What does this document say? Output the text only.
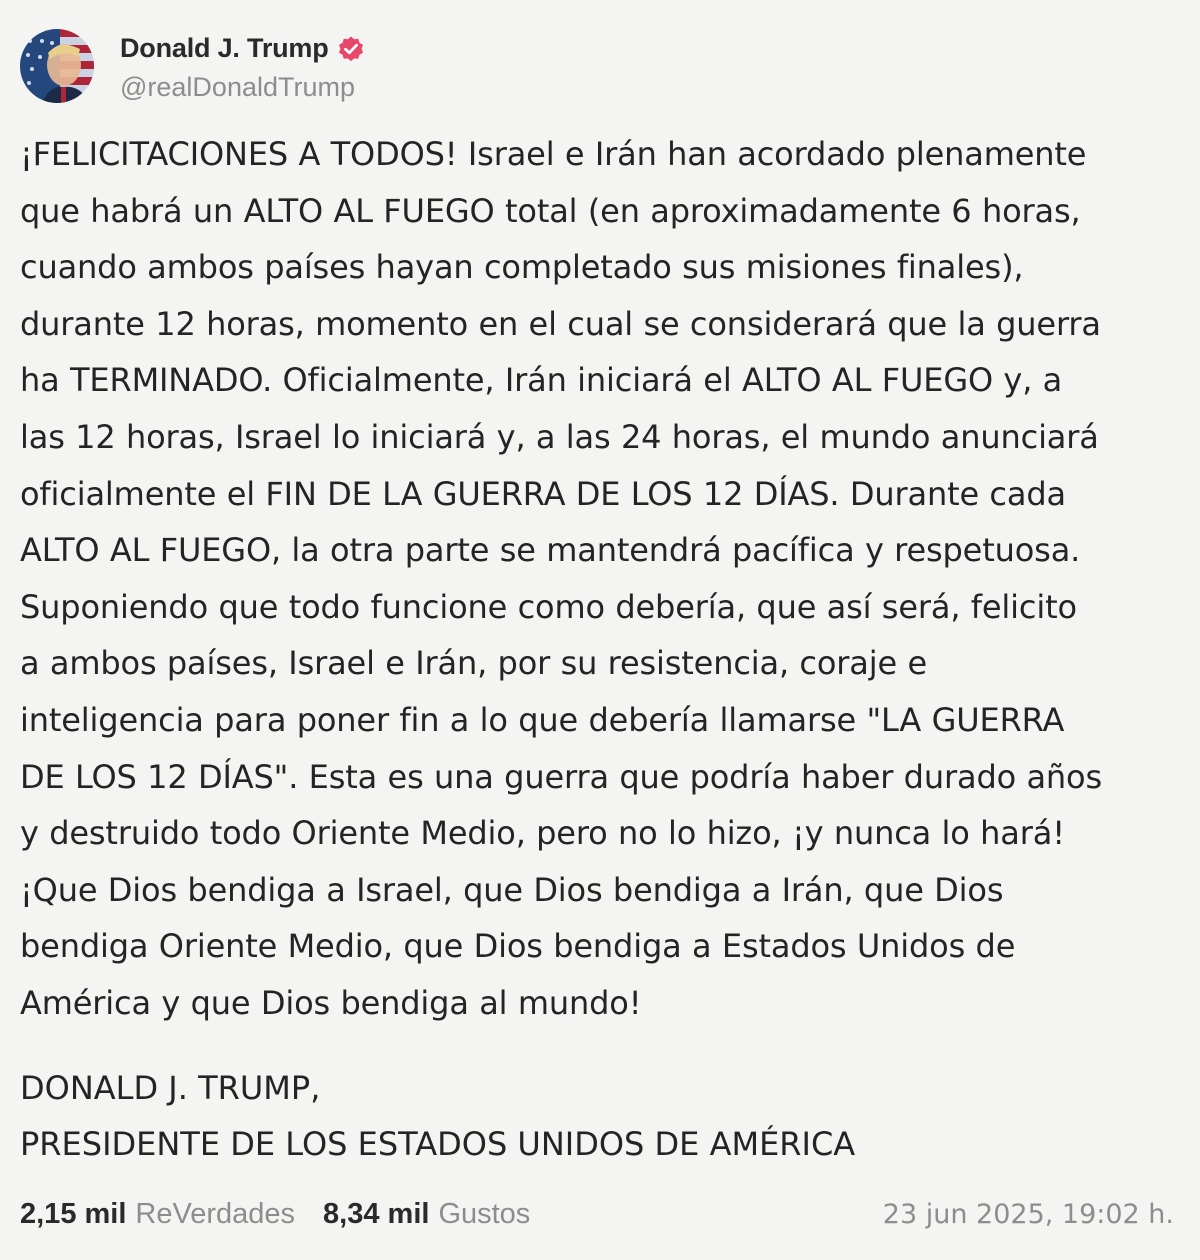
Donald J. Trump
@realDonaldTrump
¡FELICITACIONES A TODOS! Israel e Irán han acordado plenamente
que habrá un ALTO AL FUEGO total (en aproximadamente 6 horas,
cuando ambos países hayan completado sus misiones finales),
durante 12 horas, momento en el cual se considerará que la guerra
ha TERMINADO. Oficialmente, Irán iniciará el ALTO AL FUEGO y, a
las 12 horas, Israel lo iniciará y, a las 24 horas, el mundo anunciará
oficialmente el FIN DE LA GUERRA DE LOS 12 DÍAS. Durante cada
ALTO AL FUEGO, la otra parte se mantendrá pacífica y respetuosa.
Suponiendo que todo funcione como debería, que así será, felicito
a ambos países, Israel e Irán, por su resistencia, coraje e
inteligencia para poner fin a lo que debería llamarse "LA GUERRA
DE LOS 12 DÍAS". Esta es una guerra que podría haber durado años
y destruido todo Oriente Medio, pero no lo hizo, ¡y nunca lo hará!
¡Que Dios bendiga a Israel, que Dios bendiga a Irán, que Dios
bendiga Oriente Medio, que Dios bendiga a Estados Unidos de
América y que Dios bendiga al mundo!
DONALD J. TRUMP,
PRESIDENTE DE LOS ESTADOS UNIDOS DE AMÉRICA
2,15 mil ReVerdades 8,34 mil Gustos	23 jun 2025, 19:02 h.
